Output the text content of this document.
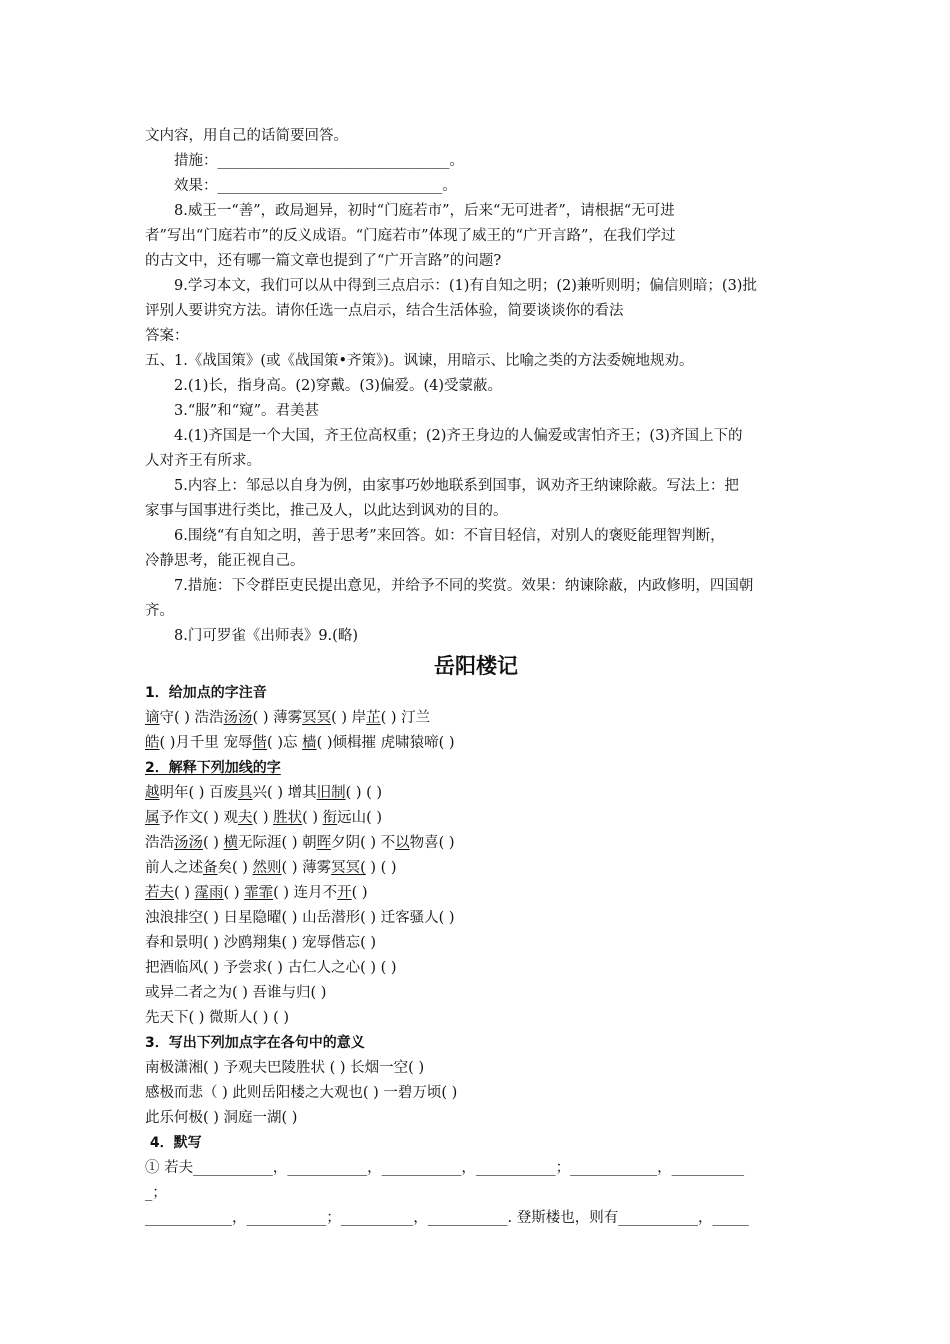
文内容，用自己的话简要回答。
措施：________________________________。
效果：_______________________________。
8.威王一“善”，政局迴异，初时“门庭若市”，后来“无可进者”，请根据“无可进
者”写出“门庭若市”的反义成语。“门庭若市”体现了威王的“广开言路”，在我们学过
的古文中，还有哪一篇文章也提到了“广开言路”的问题?
9.学习本文，我们可以从中得到三点启示：(1)有自知之明；(2)兼听则明；偏信则暗；(3)批
评别人要讲究方法。请你任选一点启示，结合生活体验，简要谈谈你的看法
答案：
五、1.《战国策》(或《战国策•齐策》)。讽谏，用暗示、比喻之类的方法委婉地规劝。
2.(1)长，指身高。(2)穿戴。(3)偏爱。(4)受蒙蔽。
3.“服”和“窥”。君美甚
4.(1)齐国是一个大国，齐王位高权重；(2)齐王身边的人偏爱或害怕齐王；(3)齐国上下的
人对齐王有所求。
5.内容上：邹忌以自身为例，由家事巧妙地联系到国事，讽劝齐王纳谏除蔽。写法上：把
家事与国事进行类比，推己及人，以此达到讽劝的目的。
6.围绕“有自知之明，善于思考”来回答。如：不盲目轻信，对别人的褒贬能理智判断，
冷静思考，能正视自己。
7.措施：下令群臣吏民提出意见，并给予不同的奖赏。效果：纳谏除蔽，内政修明，四国朝
齐。
8.门可罗雀《出师表》9.(略)
岳阳楼记
1．给加点的字注音
谪守( ) 浩浩汤汤( ) 薄雾冥冥( ) 岸芷( ) 汀兰
皓( )月千里 宠辱偕( )忘 樯( )倾楫摧 虎啸猿啼( )
2．解释下列加线的字
越明年( ) 百废具兴( ) 增其旧制( ) ( )
属予作文( ) 观夫( ) 胜状( ) 衔远山( )
浩浩汤汤( ) 横无际涯( ) 朝晖夕阴( ) 不以物喜( )
前人之述备矣( ) 然则( ) 薄雾冥冥( ) ( )
若夫( ) 霪雨( ) 霏霏( ) 连月不开( )
浊浪排空( ) 日星隐曜( ) 山岳潜形( ) 迁客骚人( )
春和景明( ) 沙鸥翔集( ) 宠辱偕忘( )
把酒临风( ) 予尝求( ) 古仁人之心( ) ( )
或异二者之为( ) 吾谁与归( )
先天下( ) 微斯人( ) ( )
3．写出下列加点字在各句中的意义
南极潇湘( ) 予观夫巴陵胜状 ( ) 长烟一空( )
感极而悲（ ) 此则岳阳楼之大观也( ) 一碧万顷( )
此乐何极( ) 洞庭一湖( )
4．默写
① 若夫___________，___________，___________，___________；____________，__________
_；
____________，___________；__________，___________. 登斯楼也，则有___________，_____
